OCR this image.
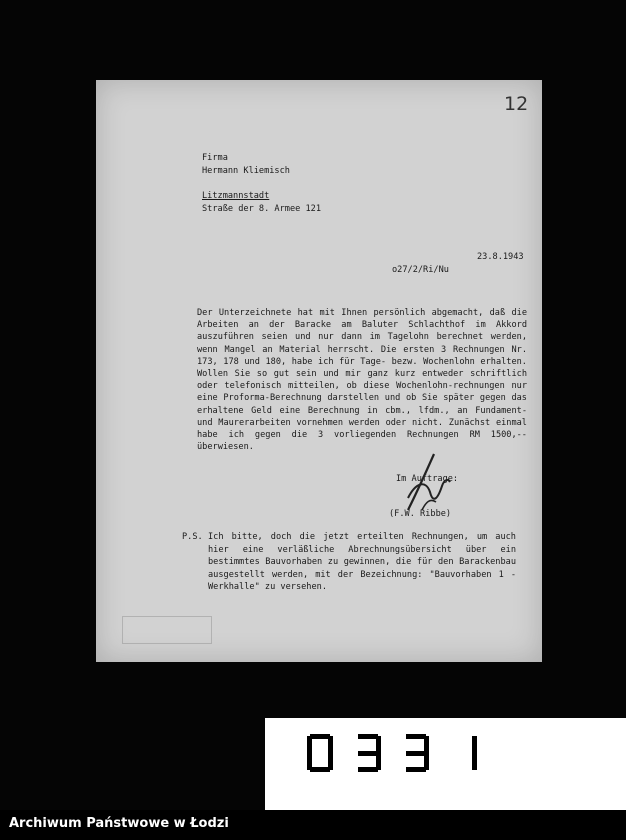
12
Firma
Hermann Kliemisch
Litzmannstadt
Straße der 8. Armee 121
23.8.1943
o27/2/Ri/Nu
Der Unterzeichnete hat mit Ihnen persönlich abgemacht, daß die Arbeiten an der Baracke am Baluter Schlachthof im Akkord auszuführen seien und nur dann im Tagelohn berechnet werden, wenn Mangel an Material herrscht. Die ersten 3 Rechnungen Nr. 173, 178 und 180, habe ich für Tage- bezw. Wochenlohn erhalten. Wollen Sie so gut sein und mir ganz kurz entweder schriftlich oder telefonisch mitteilen, ob diese Wochenlohn-rechnungen nur eine Proforma-Berechnung darstellen und ob Sie später gegen das erhaltene Geld eine Berechnung in cbm., lfdm., an Fundament- und Maurerarbeiten vornehmen werden oder nicht. Zunächst einmal habe ich gegen die 3 vorliegenden Rechnungen RM 1500,-- überwiesen.
Im Auftrage:
(F.W. Ribbe)
P.S. Ich bitte, doch die jetzt erteilten Rechnungen, um auch hier eine verläßliche Abrechnungsübersicht über ein bestimmtes Bauvorhaben zu gewinnen, die für den Barackenbau ausgestellt werden, mit der Bezeichnung: "Bauvorhaben 1 - Werkhalle" zu versehen.
Archiwum Państwowe w Łodzi
